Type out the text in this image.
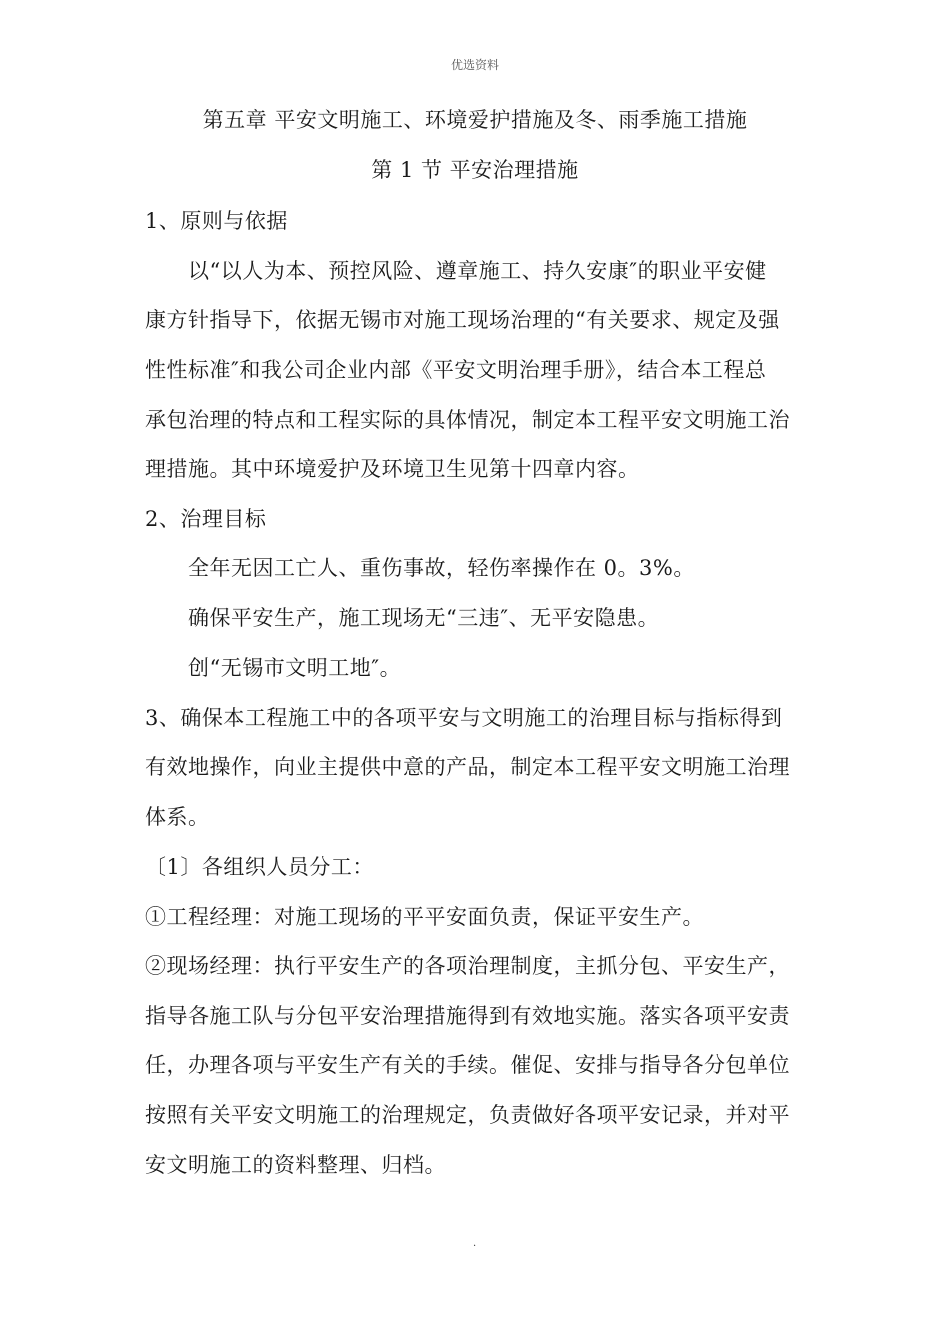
优选资料
第五章 平安文明施工、环境爱护措施及冬、雨季施工措施
第 1 节 平安治理措施
1、原则与依据
以“以人为本、预控风险、遵章施工、持久安康″的职业平安健
康方针指导下，依据无锡市对施工现场治理的“有关要求、规定及强
性性标准″和我公司企业内部《平安文明治理手册》，结合本工程总
承包治理的特点和工程实际的具体情况，制定本工程平安文明施工治
理措施。其中环境爱护及环境卫生见第十四章内容。
2、治理目标
全年无因工亡人、重伤事故，轻伤率操作在 0。3%。
确保平安生产，施工现场无“三违″、无平安隐患。
创“无锡市文明工地″。
3、确保本工程施工中的各项平安与文明施工的治理目标与指标得到
有效地操作，向业主提供中意的产品，制定本工程平安文明施工治理
体系。
〔1〕各组织人员分工：
①工程经理：对施工现场的平平安面负责，保证平安生产。
②现场经理：执行平安生产的各项治理制度，主抓分包、平安生产，
指导各施工队与分包平安治理措施得到有效地实施。落实各项平安责
任，办理各项与平安生产有关的手续。催促、安排与指导各分包单位
按照有关平安文明施工的治理规定，负责做好各项平安记录，并对平
安文明施工的资料整理、归档。
.
